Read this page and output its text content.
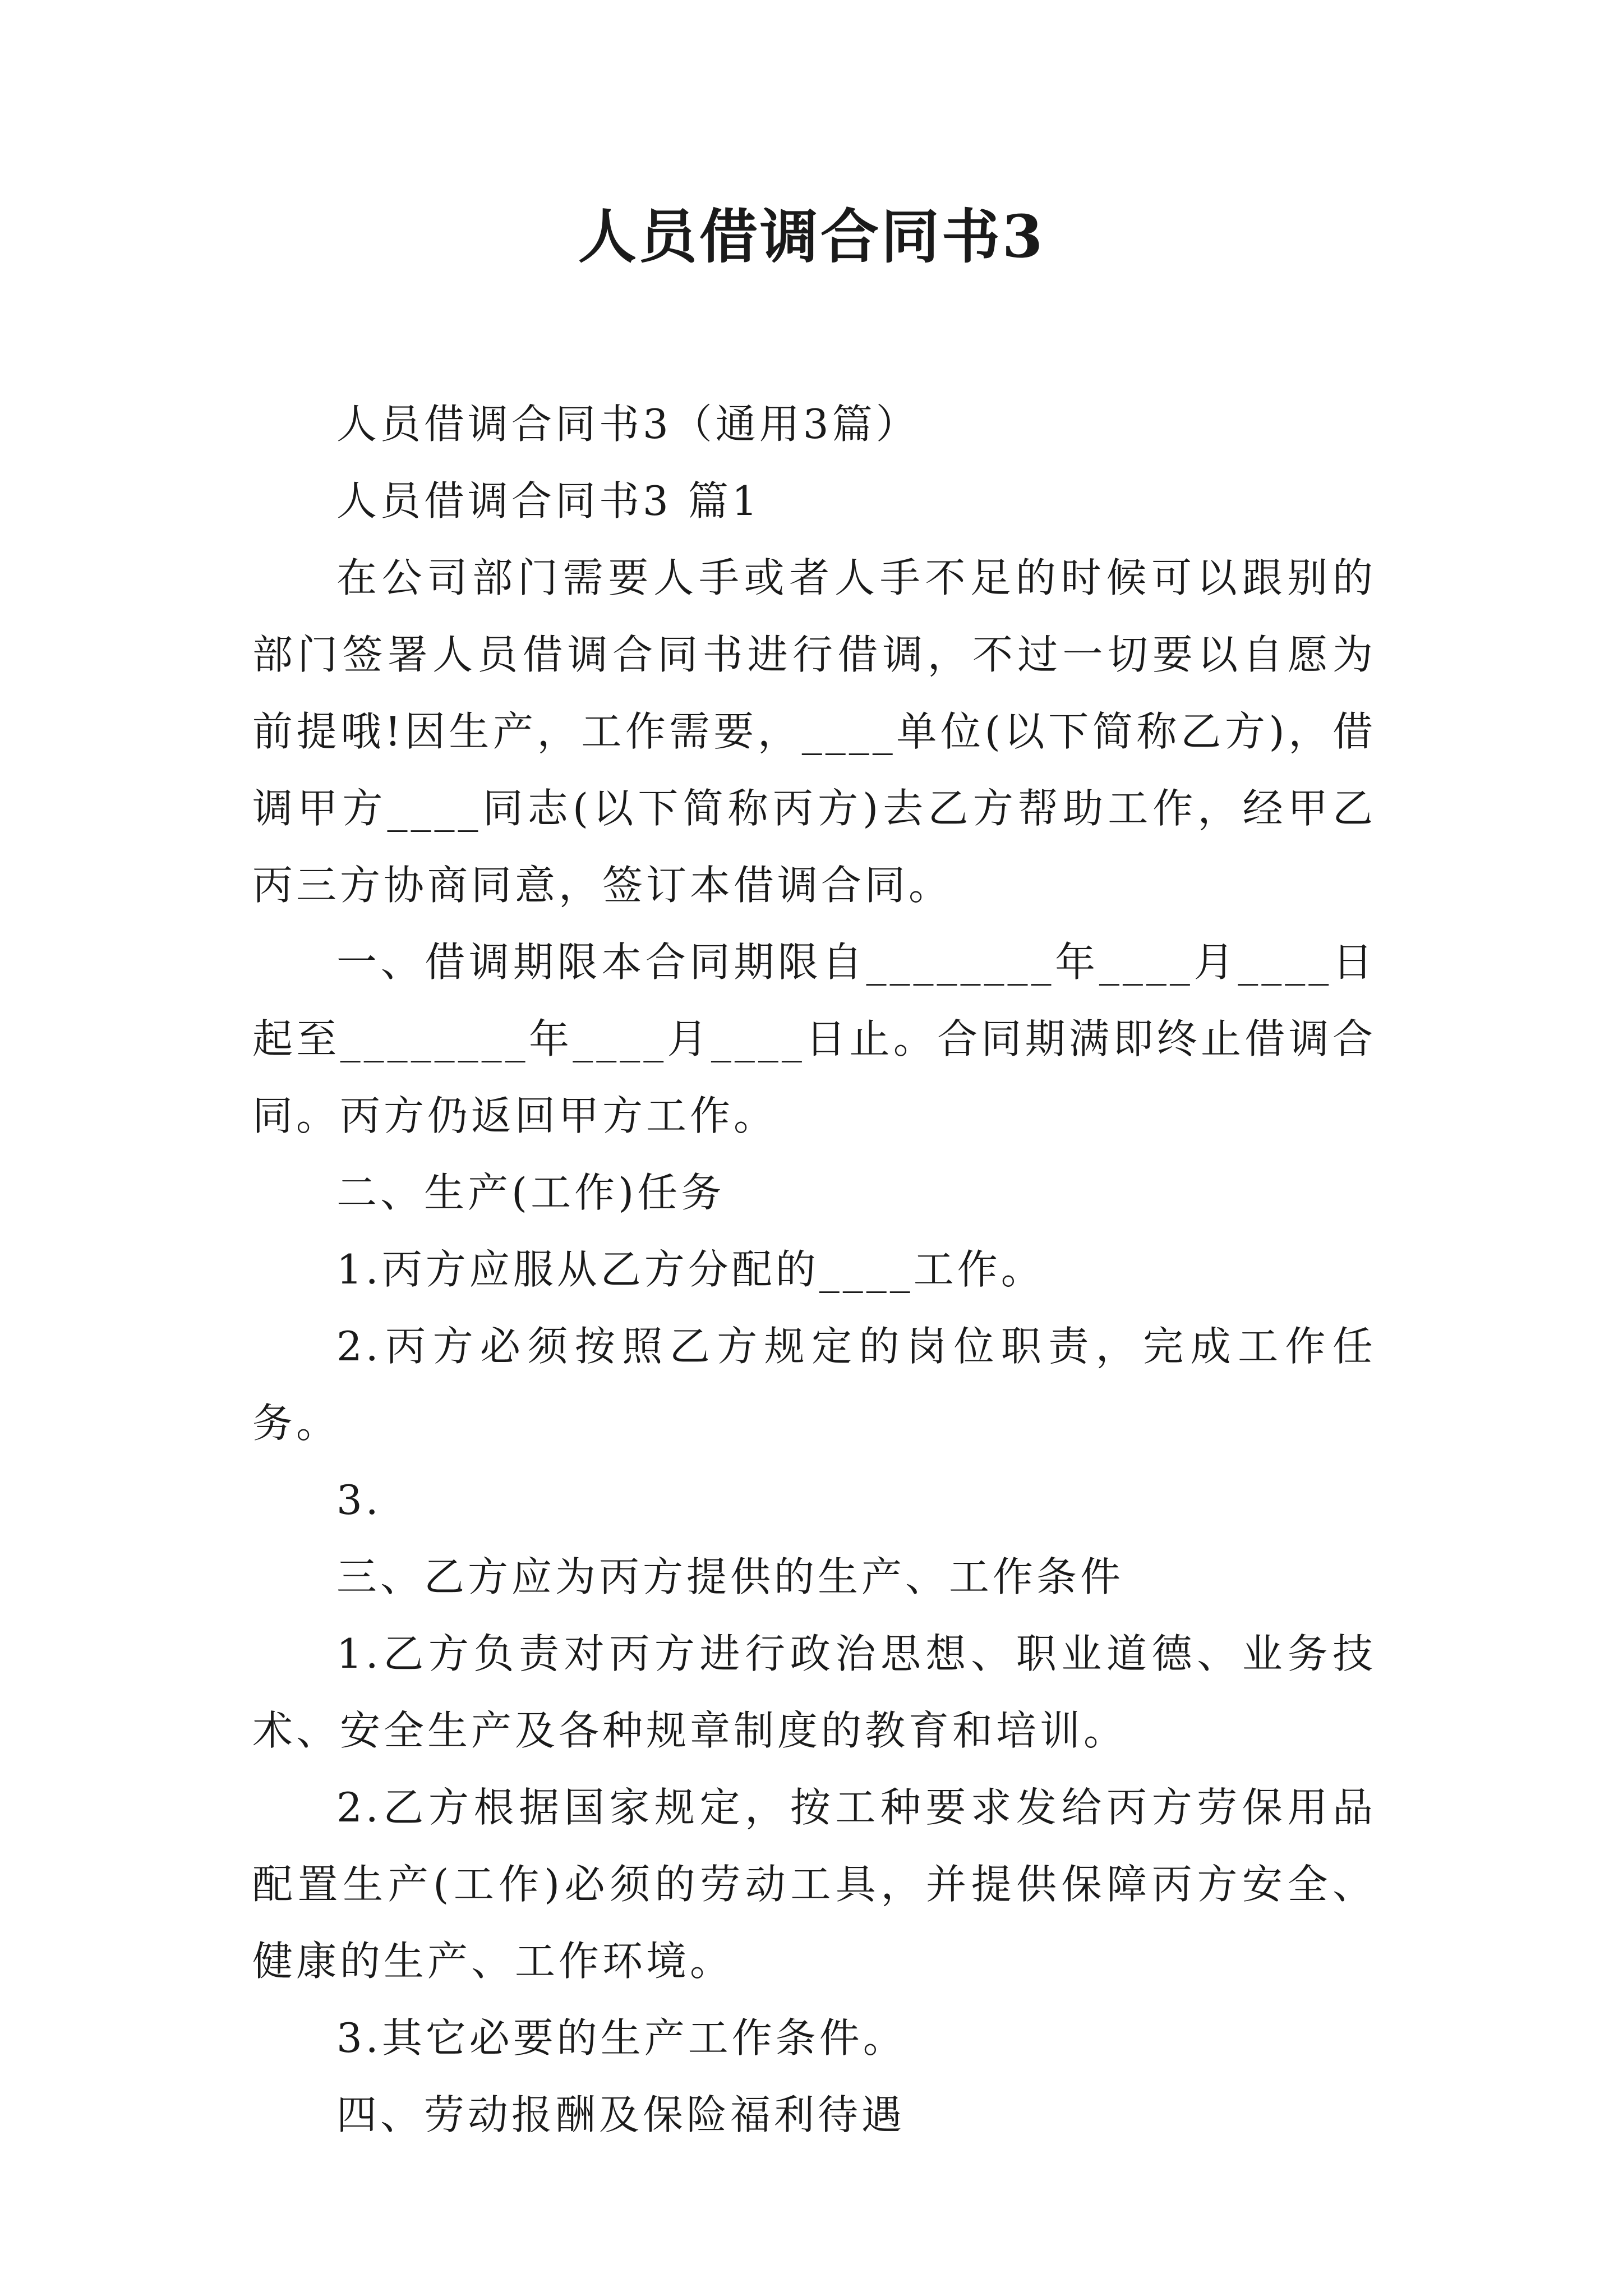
人员借调合同书3

人员借调合同书3（通用3篇）

人员借调合同书3 篇1

在公司部门需要人手或者人手不足的时候可以跟别的部门签署人员借调合同书进行借调，不过一切要以自愿为前提哦!因生产，工作需要，____单位(以下简称乙方)，借调甲方____同志(以下简称丙方)去乙方帮助工作，经甲乙丙三方协商同意，签订本借调合同。

一、借调期限本合同期限自________年____月____日起至________年____月____日止。合同期满即终止借调合同。丙方仍返回甲方工作。

二、生产(工作)任务

1.丙方应服从乙方分配的____工作。

2.丙方必须按照乙方规定的岗位职责，完成工作任务。

3.

三、乙方应为丙方提供的生产、工作条件

1.乙方负责对丙方进行政治思想、职业道德、业务技术、安全生产及各种规章制度的教育和培训。

2.乙方根据国家规定，按工种要求发给丙方劳保用品配置生产(工作)必须的劳动工具，并提供保障丙方安全、健康的生产、工作环境。

3.其它必要的生产工作条件。

四、劳动报酬及保险福利待遇
